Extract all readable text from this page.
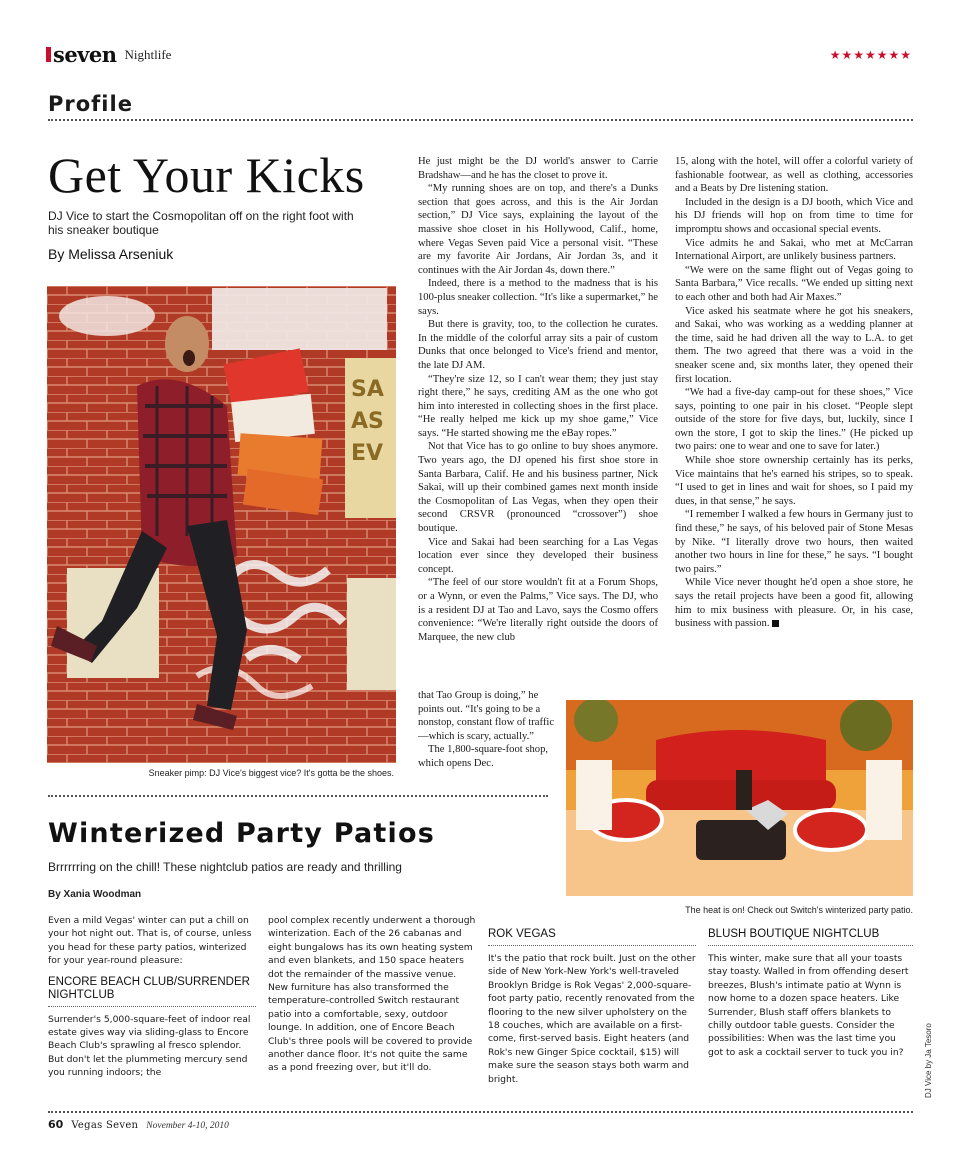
seven Nightlife	★★★★★★★
Profile
Get Your Kicks
DJ Vice to start the Cosmopolitan off on the right foot with his sneaker boutique
By Melissa Arseniuk
SA
AS
EV
Sneaker pimp: DJ Vice's biggest vice? It's gotta be the shoes.

He just might be the DJ world's answer to Carrie Bradshaw—and he has the closet to prove it.

“My running shoes are on top, and there's a Dunks section that goes across, and this is the Air Jordan section,” DJ Vice says, explaining the layout of the massive shoe closet in his Hollywood, Calif., home, where Vegas Seven paid Vice a personal visit. “These are my favorite Air Jordans, Air Jordan 3s, and it continues with the Air Jordan 4s, down there.”

Indeed, there is a method to the madness that is his 100-plus sneaker collection. “It's like a supermarket,” he says.

But there is gravity, too, to the collection he curates. In the middle of the colorful array sits a pair of custom Dunks that once belonged to Vice's friend and mentor, the late DJ AM.

“They're size 12, so I can't wear them; they just stay right there,” he says, crediting AM as the one who got him into interested in collecting shoes in the first place. “He really helped me kick up my shoe game,” Vice says. “He started showing me the eBay ropes.”

Not that Vice has to go online to buy shoes anymore. Two years ago, the DJ opened his first shoe store in Santa Barbara, Calif. He and his business partner, Nick Sakai, will up their combined games next month inside the Cosmopolitan of Las Vegas, when they open their second CRSVR (pronounced “crossover”) shoe boutique.

Vice and Sakai had been searching for a Las Vegas location ever since they developed their business concept.

“The feel of our store wouldn't fit at a Forum Shops, or a Wynn, or even the Palms,” Vice says. The DJ, who is a resident DJ at Tao and Lavo, says the Cosmo offers convenience: “We're literally right outside the doors of Marquee, the new club

that Tao Group is doing,” he points out. “It's going to be a nonstop, constant flow of traffic—which is scary, actually.”

The 1,800-square-foot shop, which opens Dec.

15, along with the hotel, will offer a colorful variety of fashionable footwear, as well as clothing, accessories and a Beats by Dre listening station.

Included in the design is a DJ booth, which Vice and his DJ friends will hop on from time to time for impromptu shows and occasional special events.

Vice admits he and Sakai, who met at McCarran International Airport, are unlikely business partners.

“We were on the same flight out of Vegas going to Santa Barbara,” Vice recalls. “We ended up sitting next to each other and both had Air Maxes.”

Vice asked his seatmate where he got his sneakers, and Sakai, who was working as a wedding planner at the time, said he had driven all the way to L.A. to get them. The two agreed that there was a void in the sneaker scene and, six months later, they opened their first location.

“We had a five-day camp-out for these shoes,” Vice says, pointing to one pair in his closet. “People slept outside of the store for five days, but, luckily, since I own the store, I got to skip the lines.” (He picked up two pairs: one to wear and one to save for later.)

While shoe store ownership certainly has its perks, Vice maintains that he's earned his stripes, so to speak. “I used to get in lines and wait for shoes, so I paid my dues, in that sense,” he says.

“I remember I walked a few hours in Germany just to find these,” he says, of his beloved pair of Stone Mesas by Nike. “I literally drove two hours, then waited another two hours in line for these,” he says. “I bought two pairs.”

While Vice never thought he'd open a shoe store, he says the retail projects have been a good fit, allowing him to mix business with pleasure. Or, in his case, business with passion.

The heat is on! Check out Switch's winterized party patio.
Winterized Party Patios
Brrrrrring on the chill! These nightclub patios are ready and thrilling
By Xania Woodman

Even a mild Vegas' winter can put a chill on your hot night out. That is, of course, unless you head for these party patios, winterized for your year-round pleasure:

ENCORE BEACH CLUB/SURRENDER NIGHTCLUB

Surrender's 5,000-square-feet of indoor real estate gives way via sliding-glass to Encore Beach Club's sprawling al fresco splendor. But don't let the plummeting mercury send you running indoors; the

pool complex recently underwent a thorough winterization. Each of the 26 cabanas and eight bungalows has its own heating system and even blankets, and 150 space heaters dot the remainder of the massive venue. New furniture has also transformed the temperature-controlled Switch restaurant patio into a comfortable, sexy, outdoor lounge. In addition, one of Encore Beach Club's three pools will be covered to provide another dance floor. It's not quite the same as a pond freezing over, but it'll do.

ROK VEGAS

It's the patio that rock built. Just on the other side of New York-New York's well-traveled Brooklyn Bridge is Rok Vegas' 2,000-square-foot party patio, recently renovated from the flooring to the new silver upholstery on the 18 couches, which are available on a first-come, first-served basis. Eight heaters (and Rok's new Ginger Spice cocktail, $15) will make sure the season stays both warm and bright.

BLUSH BOUTIQUE NIGHTCLUB

This winter, make sure that all your toasts stay toasty. Walled in from offending desert breezes, Blush's intimate patio at Wynn is now home to a dozen space heaters. Like Surrender, Blush staff offers blankets to chilly outdoor table guests. Consider the possibilities: When was the last time you got to ask a cocktail server to tuck you in?	DJ Vice by Ja Tesoro
60 Vegas Seven November 4-10, 2010
